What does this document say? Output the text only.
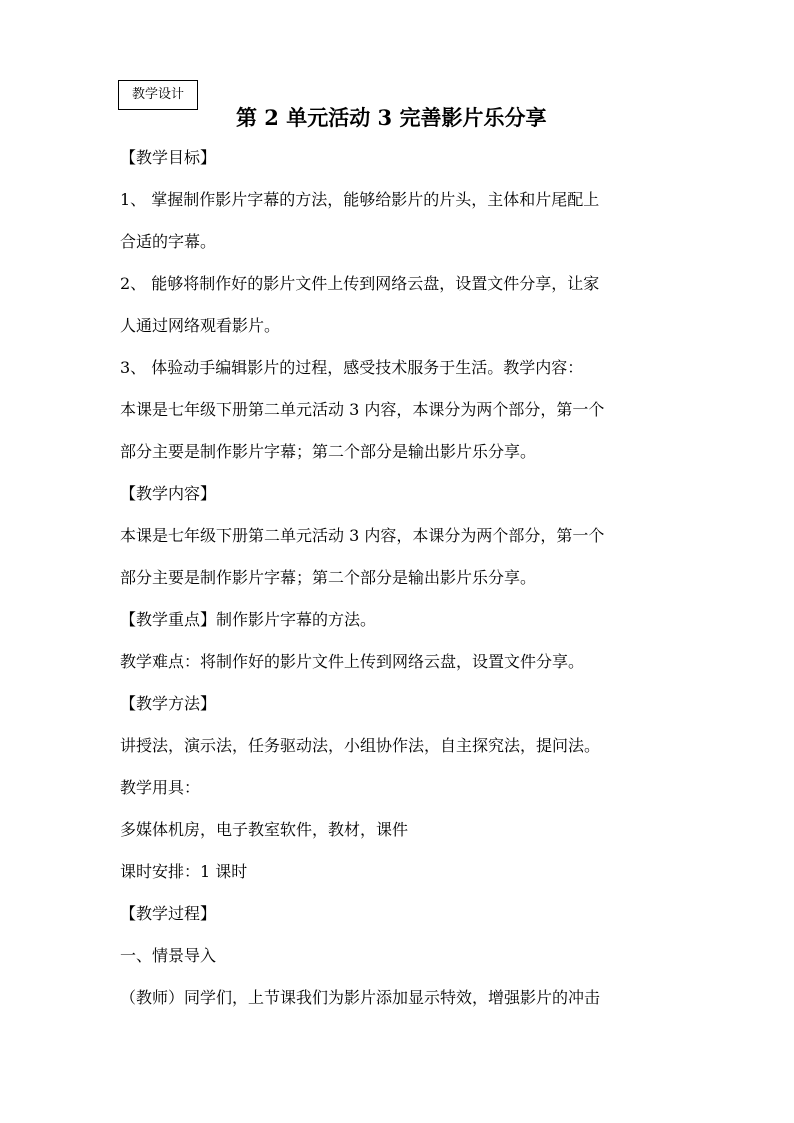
教学设计
第 2 单元活动 3 完善影片乐分享
【教学目标】
1、 掌握制作影片字幕的方法，能够给影片的片头，主体和片尾配上
合适的字幕。
2、 能够将制作好的影片文件上传到网络云盘，设置文件分享，让家
人通过网络观看影片。
3、 体验动手编辑影片的过程，感受技术服务于生活。教学内容：
本课是七年级下册第二单元活动 3 内容，本课分为两个部分，第一个
部分主要是制作影片字幕；第二个部分是输出影片乐分享。
【教学内容】
本课是七年级下册第二单元活动 3 内容，本课分为两个部分，第一个
部分主要是制作影片字幕；第二个部分是输出影片乐分享。
【教学重点】制作影片字幕的方法。
教学难点：将制作好的影片文件上传到网络云盘，设置文件分享。
【教学方法】
讲授法，演示法，任务驱动法，小组协作法，自主探究法，提问法。
教学用具：
多媒体机房，电子教室软件，教材，课件
课时安排：1 课时
【教学过程】
一、情景导入
（教师）同学们，上节课我们为影片添加显示特效，增强影片的冲击
